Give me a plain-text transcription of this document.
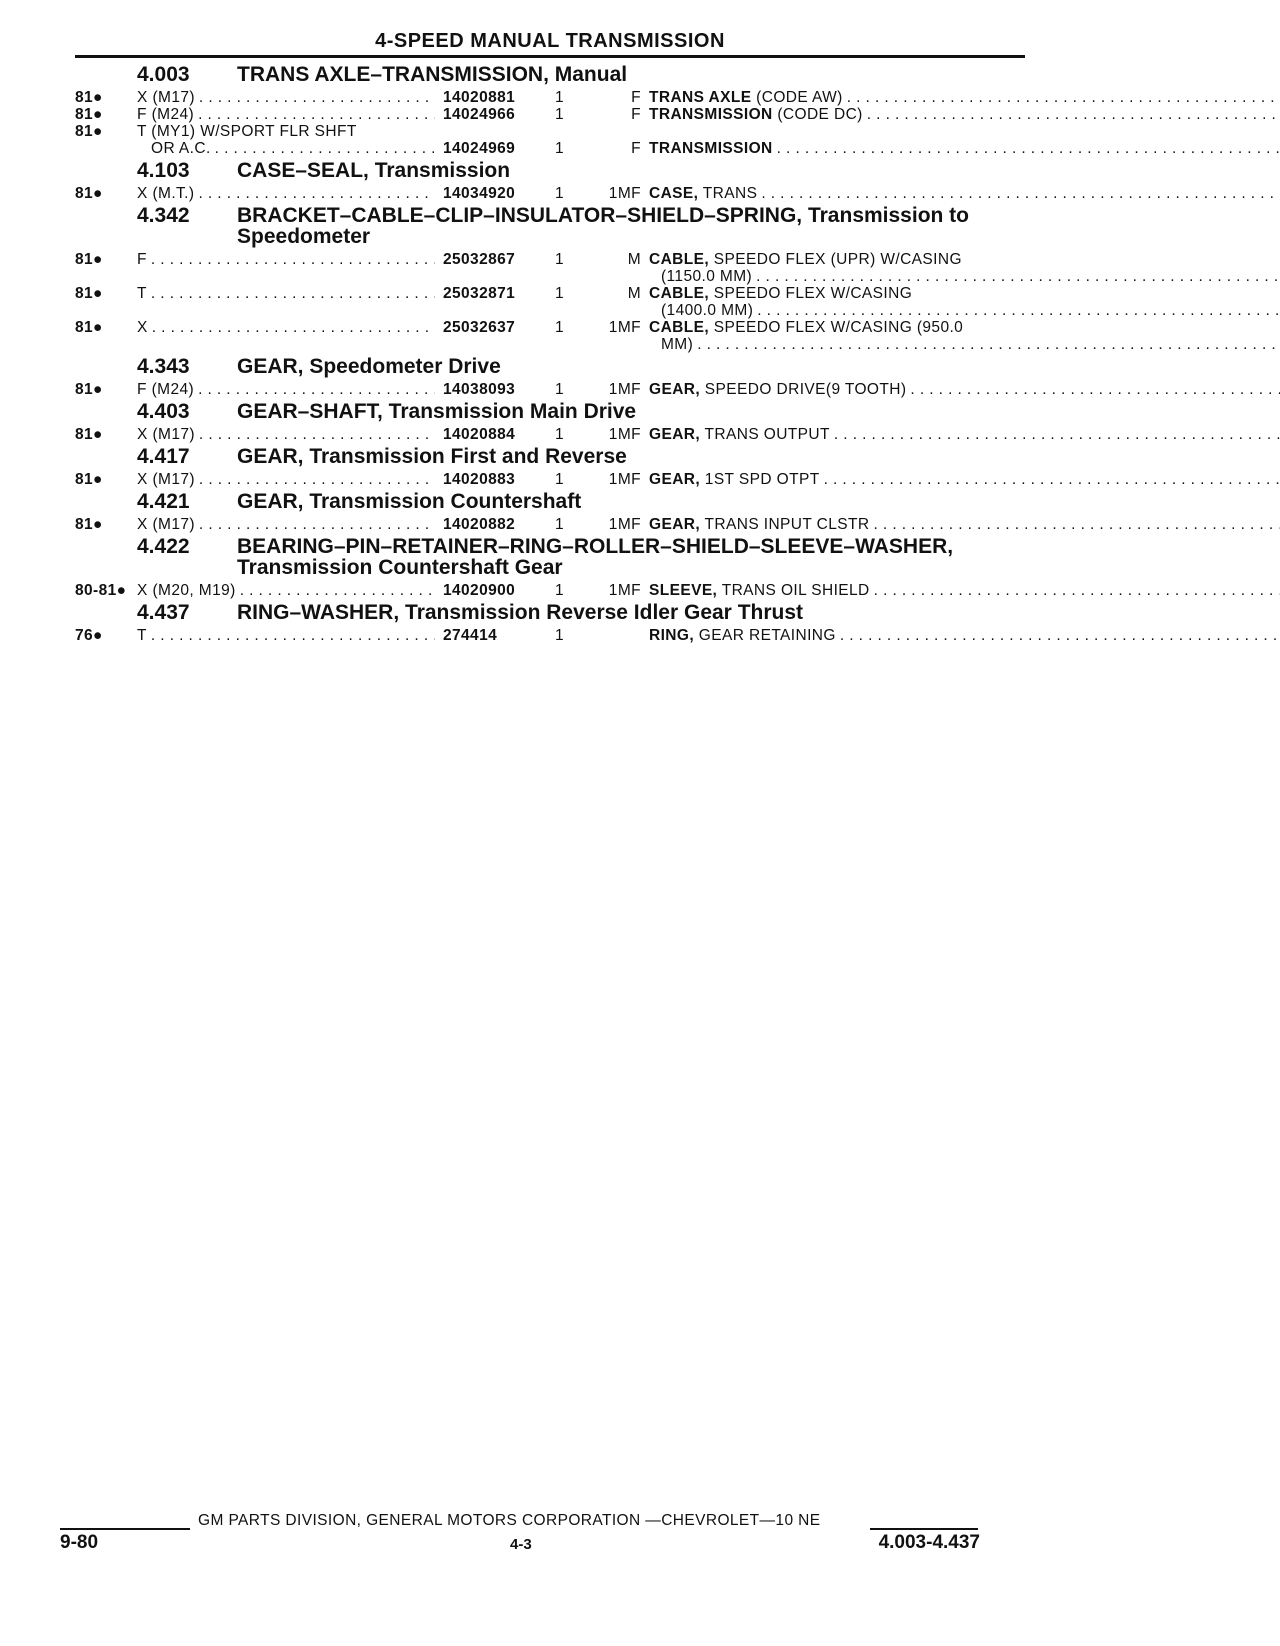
4-SPEED MANUAL TRANSMISSION
4.003	TRANS AXLE–TRANSMISSION, Manual
81●	X (M17) . . .	14020881	1	F TRANS AXLE (CODE AW)
. . .
81●	F (M24) . . .	14024966	1	F TRANSMISSION (CODE DC)
. . .
81●	T (MY1) W/SPORT FLR SHFT
OR A.C. . . .	14024969	1	F TRANSMISSION
. . .
4.103	CASE–SEAL, Transmission
81●	X (M.T.) . . .	14034920	1	1MF CASE, TRANS
. . .
4.342	BRACKET–CABLE–CLIP–INSULATOR–SHIELD–SPRING, Transmission to Speedometer
81●	F . . .	25032867	1	M CABLE, SPEEDO FLEX (UPR) W/CASING
(1150.0 MM)
. . .
81●	T . . .	25032871	1	M CABLE, SPEEDO FLEX W/CASING
(1400.0 MM)
. . .
81●	X . . .	25032637	1	1MF CABLE, SPEEDO FLEX W/CASING (950.0
MM)
. . .
4.343	GEAR, Speedometer Drive
81●	F (M24) . . .	14038093	1	1MF GEAR, SPEEDO DRIVE(9 TOOTH)
. . .
4.403	GEAR–SHAFT, Transmission Main Drive
81●	X (M17) . . .	14020884	1	1MF GEAR, TRANS OUTPUT
. . .
4.417	GEAR, Transmission First and Reverse
81●	X (M17) . . .	14020883	1	1MF GEAR, 1ST SPD OTPT
. . .
4.421	GEAR, Transmission Countershaft
81●	X (M17) . . .	14020882	1	1MF GEAR, TRANS INPUT CLSTR
. . .
4.422	BEARING–PIN–RETAINER–RING–ROLLER–SHIELD–SLEEVE–WASHER, Transmission Countershaft Gear
80-81● X (M20, M19) . . .	14020900	1	1MF SLEEVE, TRANS OIL SHIELD
. . .
4.437	RING–WASHER, Transmission Reverse Idler Gear Thrust
76●	T . . .	274414	1	RING, GEAR RETAINING
. . .
GM PARTS DIVISION, GENERAL MOTORS CORPORATION —CHEVROLET—10 NE
9-80	4-3	4.003-4.437
